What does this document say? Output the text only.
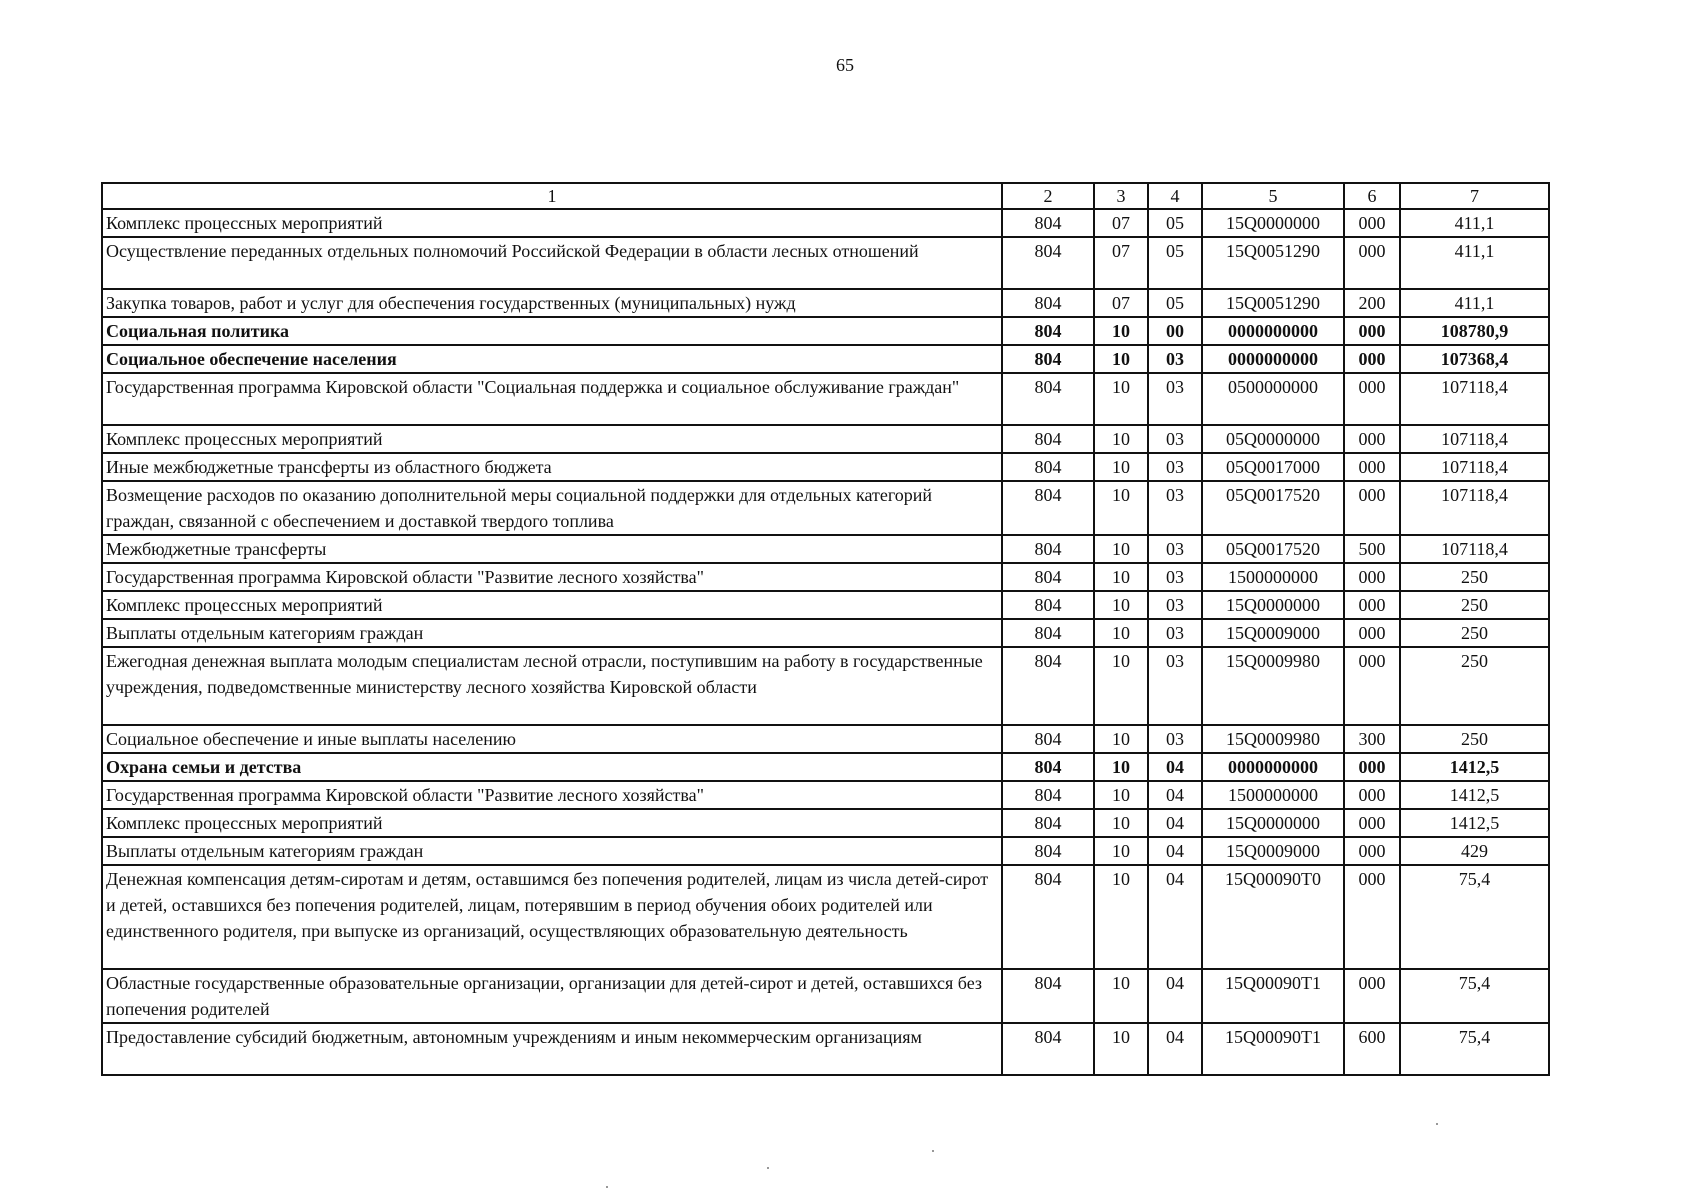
65
1	2	3	4	5	6	7
Комплекс процессных мероприятий	804	07	05	15Q0000000	000	411,1
Осуществление переданных отдельных полномочий Российской Федерации в области лесных отношений	804	07	05	15Q0051290	000	411,1
Закупка товаров, работ и услуг для обеспечения государственных (муниципальных) нужд	804	07	05	15Q0051290	200	411,1
Социальная политика	804	10	00	0000000000	000	108780,9
Социальное обеспечение населения	804	10	03	0000000000	000	107368,4
Государственная программа Кировской области "Социальная поддержка и социальное обслуживание граждан"	804	10	03	0500000000	000	107118,4
Комплекс процессных мероприятий	804	10	03	05Q0000000	000	107118,4
Иные межбюджетные трансферты из областного бюджета	804	10	03	05Q0017000	000	107118,4
Возмещение расходов по оказанию дополнительной меры социальной поддержки для отдельных категорий граждан, связанной с обеспечением и доставкой твердого топлива	804	10	03	05Q0017520	000	107118,4
Межбюджетные трансферты	804	10	03	05Q0017520	500	107118,4
Государственная программа Кировской области "Развитие лесного хозяйства"	804	10	03	1500000000	000	250
Комплекс процессных мероприятий	804	10	03	15Q0000000	000	250
Выплаты отдельным категориям граждан	804	10	03	15Q0009000	000	250
Ежегодная денежная выплата молодым специалистам лесной отрасли, поступившим на работу в государственные учреждения, подведомственные министерству лесного хозяйства Кировской области	804	10	03	15Q0009980	000	250
Социальное обеспечение и иные выплаты населению	804	10	03	15Q0009980	300	250
Охрана семьи и детства	804	10	04	0000000000	000	1412,5
Государственная программа Кировской области "Развитие лесного хозяйства"	804	10	04	1500000000	000	1412,5
Комплекс процессных мероприятий	804	10	04	15Q0000000	000	1412,5
Выплаты отдельным категориям граждан	804	10	04	15Q0009000	000	429
Денежная компенсация детям-сиротам и детям, оставшимся без попечения родителей, лицам из числа детей-сирот и детей, оставшихся без попечения родителей, лицам, потерявшим в период обучения обоих родителей или единственного родителя, при выпуске из организаций, осуществляющих образовательную деятельность	804	10	04	15Q00090T0	000	75,4
Областные государственные образовательные организации, организации для детей-сирот и детей, оставшихся без попечения родителей	804	10	04	15Q00090T1	000	75,4
Предоставление субсидий бюджетным, автономным учреждениям и иным некоммерческим организациям	804	10	04	15Q00090T1	600	75,4
